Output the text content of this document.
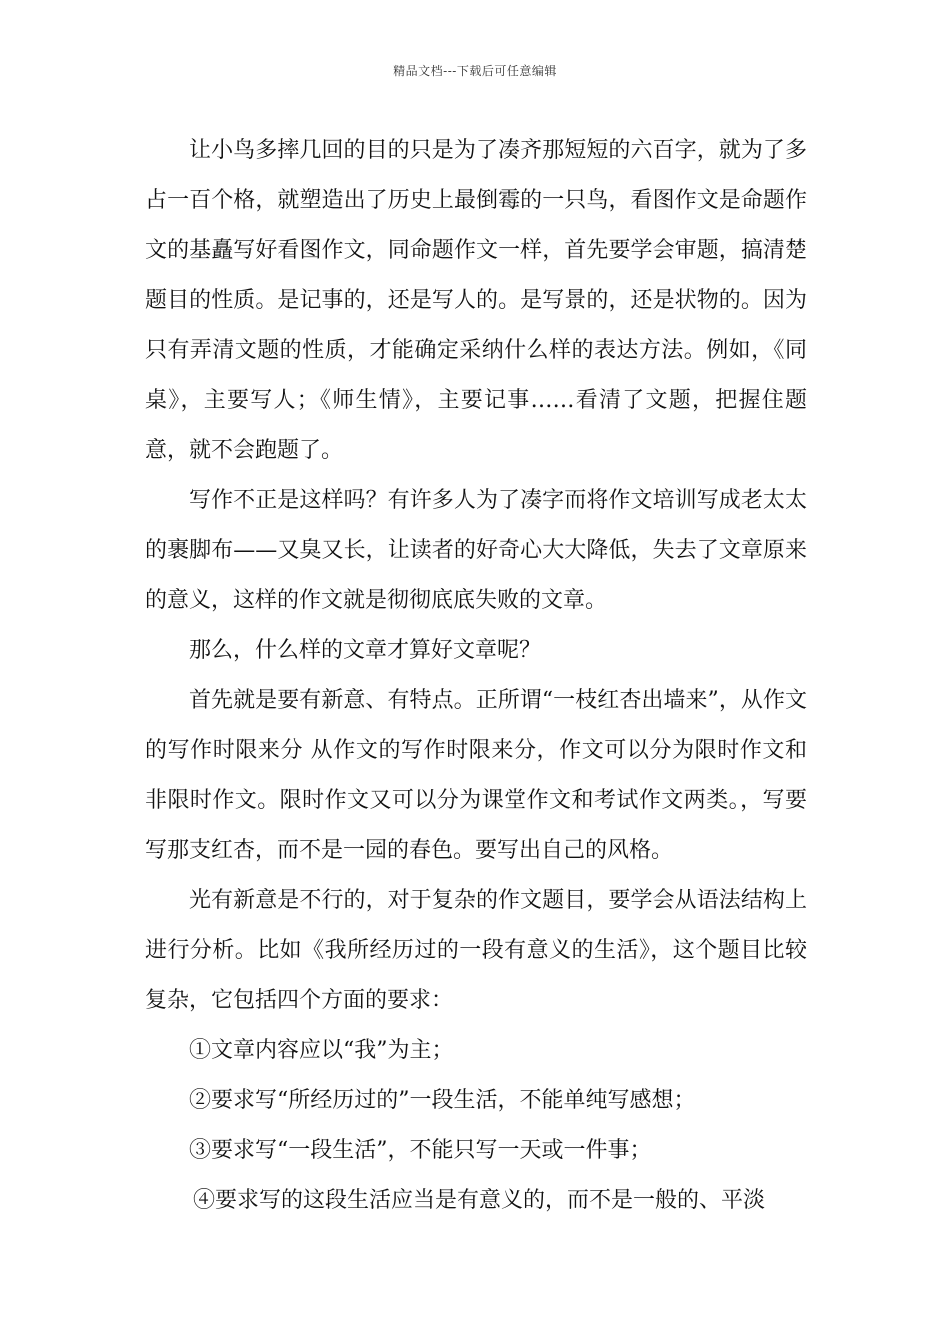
精品文档---下载后可任意编辑

让小鸟多摔几回的目的只是为了凑齐那短短的六百字，就为了多占一百个格，就塑造出了历史上最倒霉的一只鸟，看图作文是命题作文的基矗写好看图作文，同命题作文一样，首先要学会审题，搞清楚题目的性质。是记事的，还是写人的。是写景的，还是状物的。因为只有弄清文题的性质，才能确定采纳什么样的表达方法。例如，《同桌》，主要写人；《师生情》，主要记事……看清了文题，把握住题意，就不会跑题了。

写作不正是这样吗？有许多人为了凑字而将作文培训写成老太太的裹脚布——又臭又长，让读者的好奇心大大降低，失去了文章原来的意义，这样的作文就是彻彻底底失败的文章。

那么，什么样的文章才算好文章呢？

首先就是要有新意、有特点。正所谓“一枝红杏出墙来”，从作文的写作时限来分 从作文的写作时限来分，作文可以分为限时作文和非限时作文。限时作文又可以分为课堂作文和考试作文两类。，写要写那支红杏，而不是一园的春色。要写出自己的风格。

光有新意是不行的，对于复杂的作文题目，要学会从语法结构上进行分析。比如《我所经历过的一段有意义的生活》，这个题目比较复杂，它包括四个方面的要求：

①文章内容应以“我”为主；

②要求写“所经历过的”一段生活，不能单纯写感想；

③要求写“一段生活”，不能只写一天或一件事；

④要求写的这段生活应当是有意义的，而不是一般的、平淡
